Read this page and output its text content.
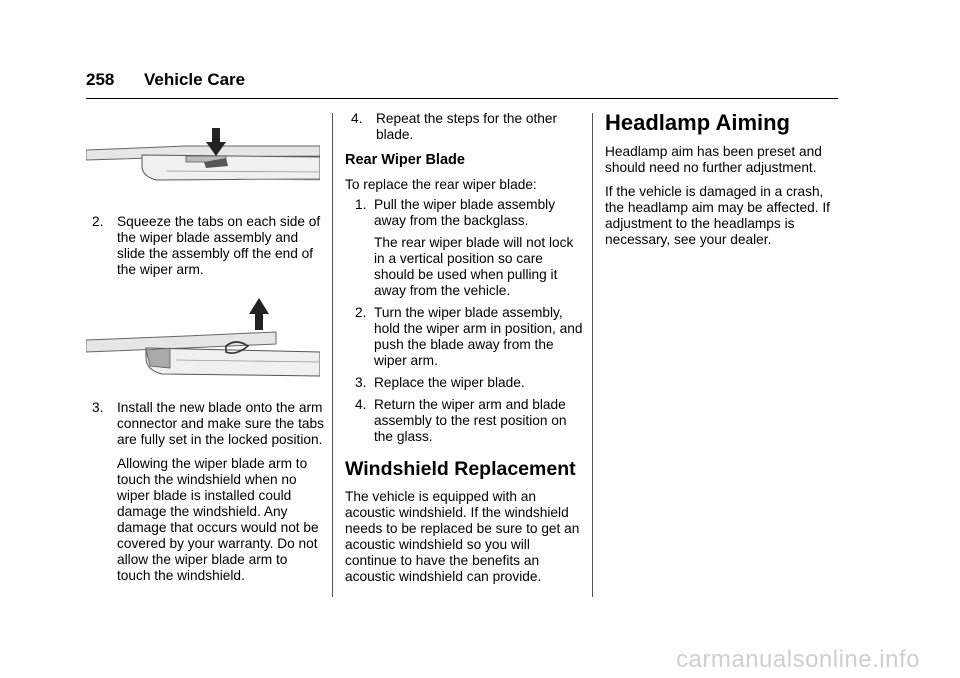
258 Vehicle Care
2. Squeeze the tabs on each side of the wiper blade assembly and slide the assembly off the end of the wiper arm.
3. Install the new blade onto the arm connector and make sure the tabs are fully set in the locked position.

Allowing the wiper blade arm to touch the windshield when no wiper blade is installed could damage the windshield. Any damage that occurs would not be covered by your warranty. Do not allow the wiper blade arm to touch the windshield.

4. Repeat the steps for the other blade.
Rear Wiper Blade

To replace the rear wiper blade:

1. Pull the wiper blade assembly away from the backglass.

The rear wiper blade will not lock in a vertical position so care should be used when pulling it away from the vehicle.

2. Turn the wiper blade assembly, hold the wiper arm in position, and push the blade away from the wiper arm.
3. Replace the wiper blade.
4. Return the wiper arm and blade assembly to the rest position on the glass.
Windshield Replacement

The vehicle is equipped with an acoustic windshield. If the windshield needs to be replaced be sure to get an acoustic windshield so you will continue to have the benefits an acoustic windshield can provide.

Headlamp Aiming

Headlamp aim has been preset and should need no further adjustment.

If the vehicle is damaged in a crash, the headlamp aim may be affected. If adjustment to the headlamps is necessary, see your dealer.

carmanualsonline.info
